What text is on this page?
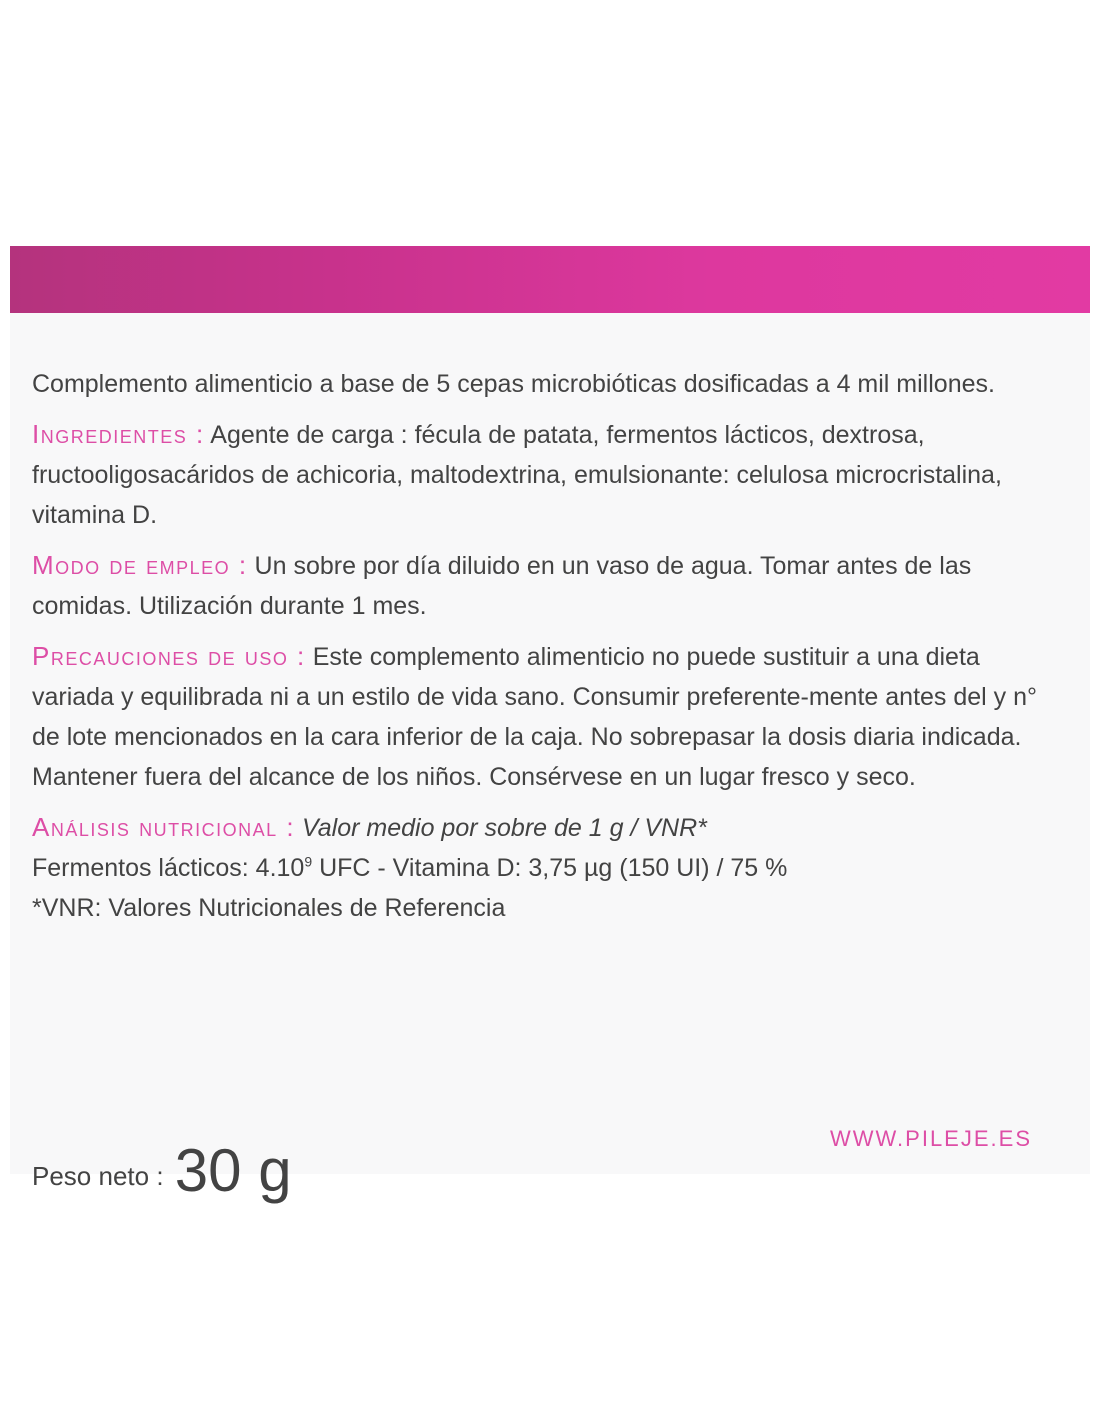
Complemento alimenticio a base de 5 cepas microbióticas dosificadas a 4 mil millones.

Ingredientes : Agente de carga : fécula de patata, fermentos lácticos, dextrosa, fructooligosacáridos de achicoria, maltodextrina, emulsionante: celulosa microcristalina, vitamina D.

Modo de empleo : Un sobre por día diluido en un vaso de agua. Tomar antes de las comidas. Utilización durante 1 mes.

Precauciones de uso : Este complemento alimenticio no puede sustituir a una dieta variada y equilibrada ni a un estilo de vida sano. Consumir preferente-mente antes del y n° de lote mencionados en la cara inferior de la caja. No sobrepasar la dosis diaria indicada. Mantener fuera del alcance de los niños. Consérvese en un lugar fresco y seco.

Análisis nutricional : Valor medio por sobre de 1 g / VNR*

Fermentos lácticos: 4.10$^9$ UFC - Vitamina D: 3,75 µg (150 UI) / 75 %

*VNR: Valores Nutricionales de Referencia

Peso neto : 30 g	WWW.PILEJE.ES
